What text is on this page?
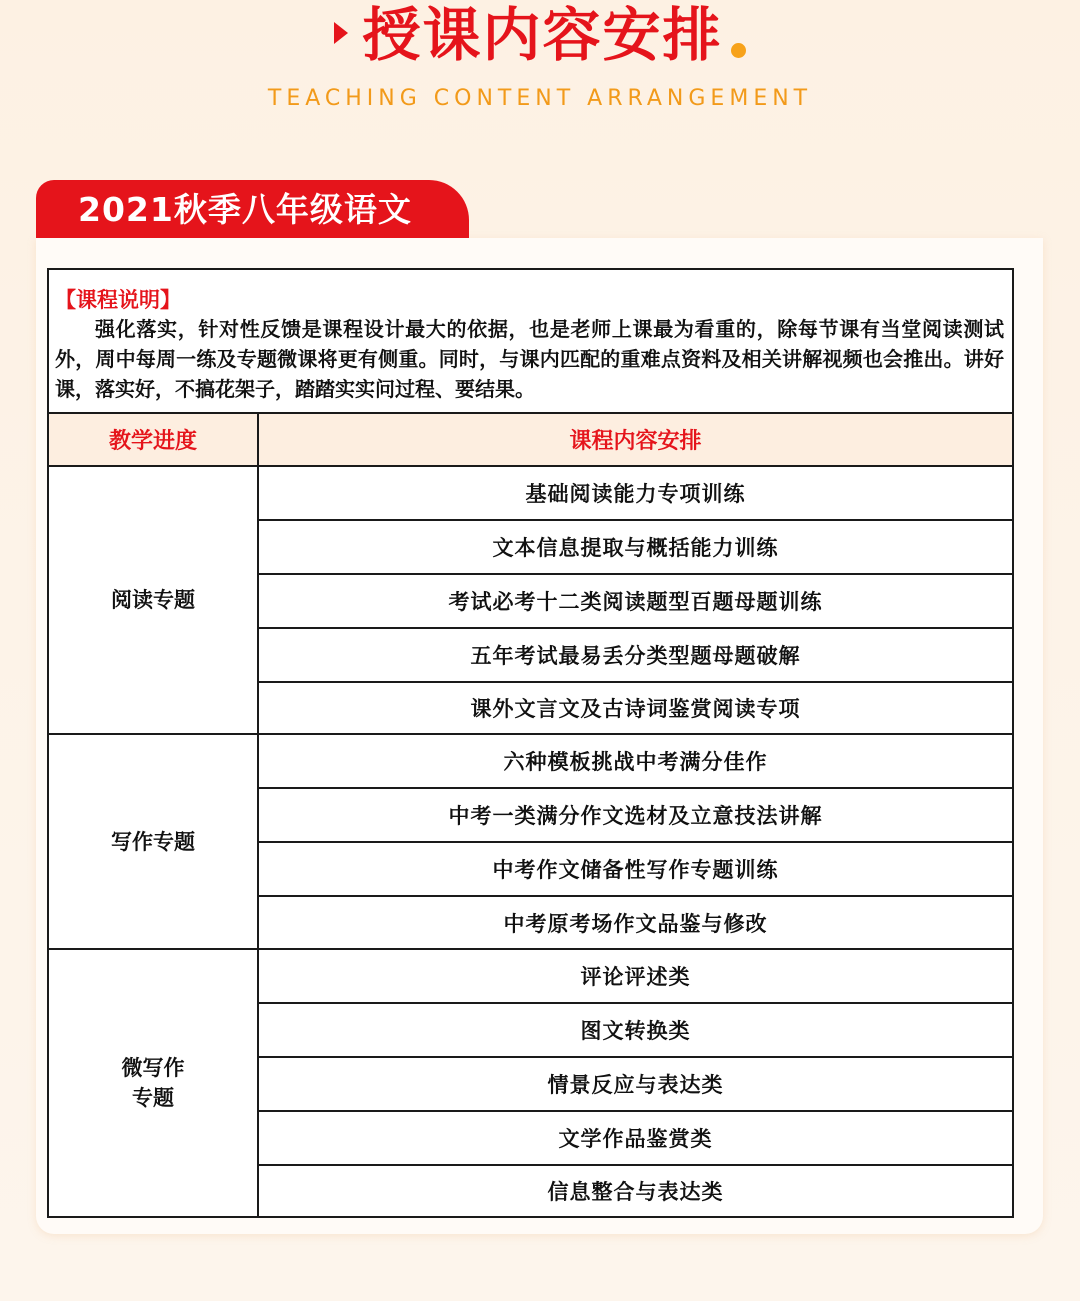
授课内容安排
TEACHING CONTENT ARRANGEMENT
2021秋季八年级语文
【课程说明】
强化落实，针对性反馈是课程设计最大的依据，也是老师上课最为看重的，除每节课有当堂阅读测试外，周中每周一练及专题微课将更有侧重。同时，与课内匹配的重难点资料及相关讲解视频也会推出。讲好课，落实好，不搞花架子，踏踏实实问过程、要结果。
教学进度	课程内容安排
阅读专题
基础阅读能力专项训练
文本信息提取与概括能力训练
考试必考十二类阅读题型百题母题训练
五年考试最易丢分类型题母题破解
课外文言文及古诗词鉴赏阅读专项
写作专题
六种模板挑战中考满分佳作
中考一类满分作文选材及立意技法讲解
中考作文储备性写作专题训练
中考原考场作文品鉴与修改
微写作
专题
评论评述类
图文转换类
情景反应与表达类
文学作品鉴赏类
信息整合与表达类
